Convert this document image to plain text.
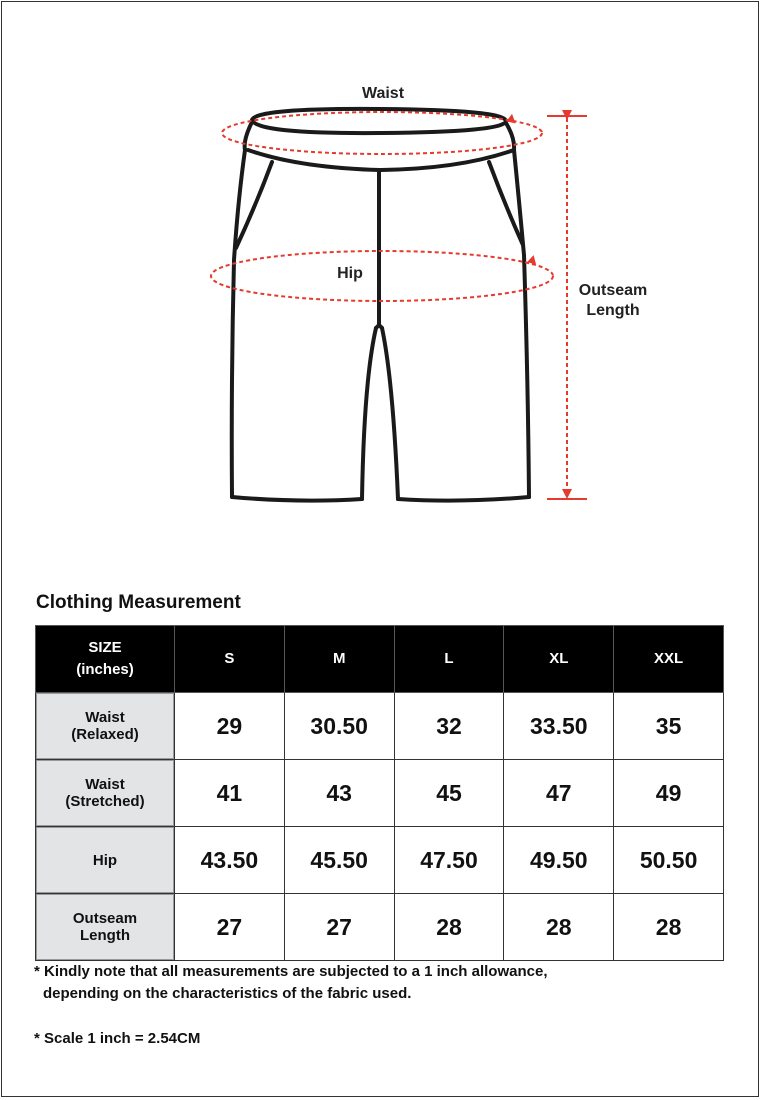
Waist
Hip
Outseam
Length
Clothing Measurement
SIZE
(inches)	S	M	L	XL	XXL
Waist
(Relaxed)	29	30.50	32	33.50	35
Waist
(Stretched)	41	43	45	47	49
Hip	43.50	45.50	47.50	49.50	50.50
Outseam
Length	27	27	28	28	28

* Kindly note that all measurements are subjected to a 1 inch allowance,
depending on the characteristics of the fabric used.

* Scale 1 inch = 2.54CM
